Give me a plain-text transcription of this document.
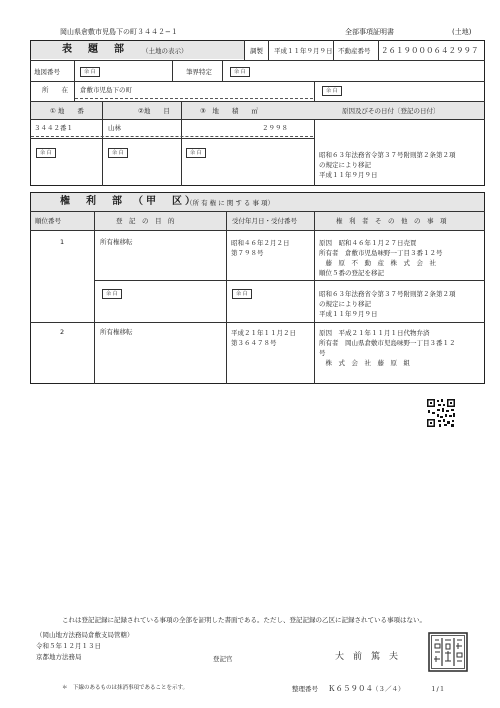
岡山県倉敷市児島下の町３４４２−１	全部事項証明書	(土地)
表　題　部 （土地の表示）	調製 平成１１年９月９日 不動産番号 ２６１９０００６４２９９７
地図番号	余 白	筆界特定	余 白
所　　在 倉敷市児島下の町	余 白
① 地　　番	②地　　目	③　地　　積　　㎡	原因及びその日付〔登記の日付〕
３４４２番１	山林	２９９８
余 白	余 白	余 白	昭和６３年法務省令第３７号附則第２条第２項
の規定により移記
平成１１年９月９日
権　利　部　（甲　区）
（所 有 権 に 関 す る 事 項）
順位番号	登　記　の　目　的	受付年月日・受付番号	権　利　者　そ　の　他　の　事　項
1	所有権移転	昭和４６年２月２日
第７９８号
原因　昭和４６年１月２７日売買
所有者　倉敷市児島味野一丁目３番１２号
　藤　原　不　動　産　株　式　会　社
順位５番の登記を移記
余 白	余 白	昭和６３年法務省令第３７号附則第２条第２項
の規定により移記
平成１１年９月９日
2	所有権移転	平成２１年１１月２日
第３６４７８号
原因　平成２１年１１月１日代物弁済
所有者　岡山県倉敷市児島味野一丁目３番１２
号
　株　式　会　社　藤　原　組
これは登記記録に記録されている事項の全部を証明した書面である。ただし、登記記録の乙区に記録されている事項はない。
（岡山地方法務局倉敷支局管轄）
令和５年１２月１３日
京都地方法務局	登記官	大　前　篤　夫
＊　下線のあるものは抹消事項であることを示す。	整理番号 Ｋ６５９０４ （３／４）	１/１
